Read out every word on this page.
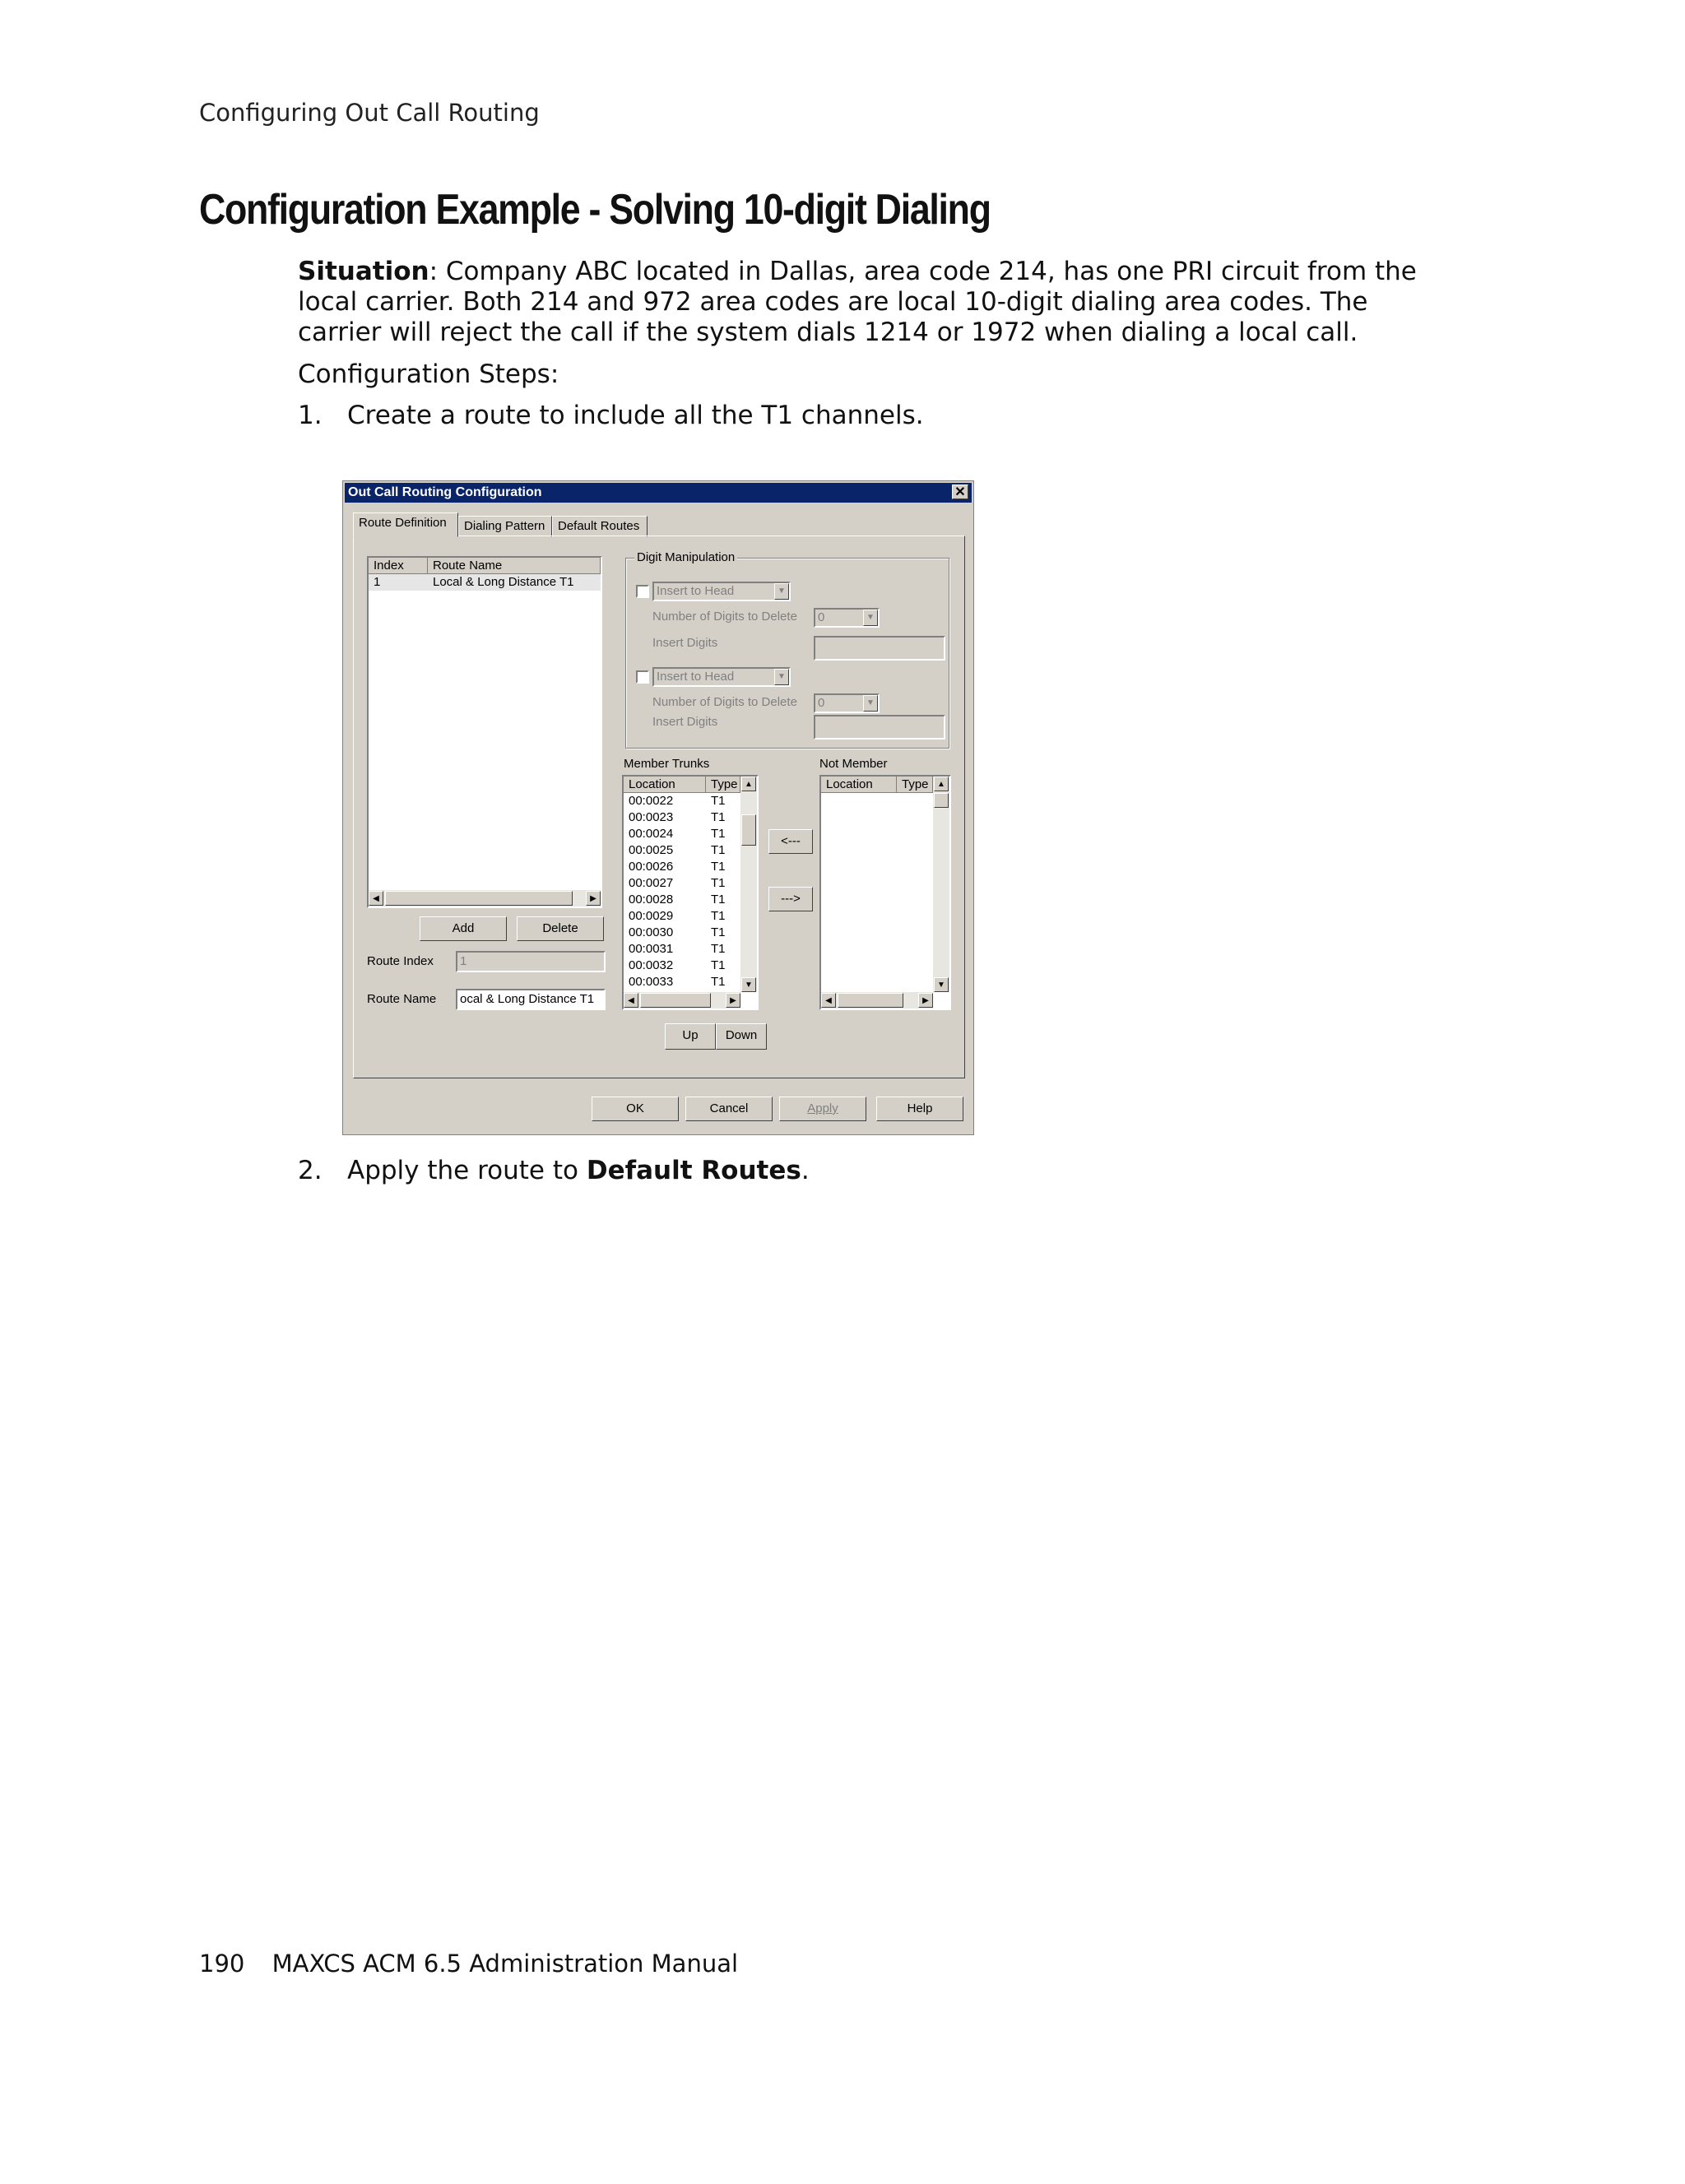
Configuring Out Call Routing
Configuration Example - Solving 10-digit Dialing
Situation: Company ABC located in Dallas, area code 214, has one PRI circuit from the local carrier. Both 214 and 972 area codes are local 10-digit dialing area codes. The carrier will reject the call if the system dials 1214 or 1972 when dialing a local call.
Configuration Steps:
1. Create a route to include all the T1 channels.
Out Call Routing Configuration	✕
Route Definition	Dialing Pattern	Default Routes
Index	Route Name
1	Local & Long Distance T1
◀	▶
Add	Delete
Route Index	1
Route Name	ocal & Long Distance T1
Digit Manipulation
Insert to Head	▼
Number of Digits to Delete	0	▼
Insert Digits
Insert to Head	▼
Number of Digits to Delete	0	▼
Insert Digits
Member Trunks
Location	Type
00:0022	T1
00:0023	T1
00:0024	T1
00:0025	T1
00:0026	T1
00:0027	T1
00:0028	T1
00:0029	T1
00:0030	T1
00:0031	T1
00:0032	T1
00:0033	T1
▲
▼
◀	▶
<---
--->
Not Member
Location	Type	▲
▼
◀	▶
Up	Down
OK	Cancel	Apply	Help
2. Apply the route to Default Routes.
190 MAXCS ACM 6.5 Administration Manual
